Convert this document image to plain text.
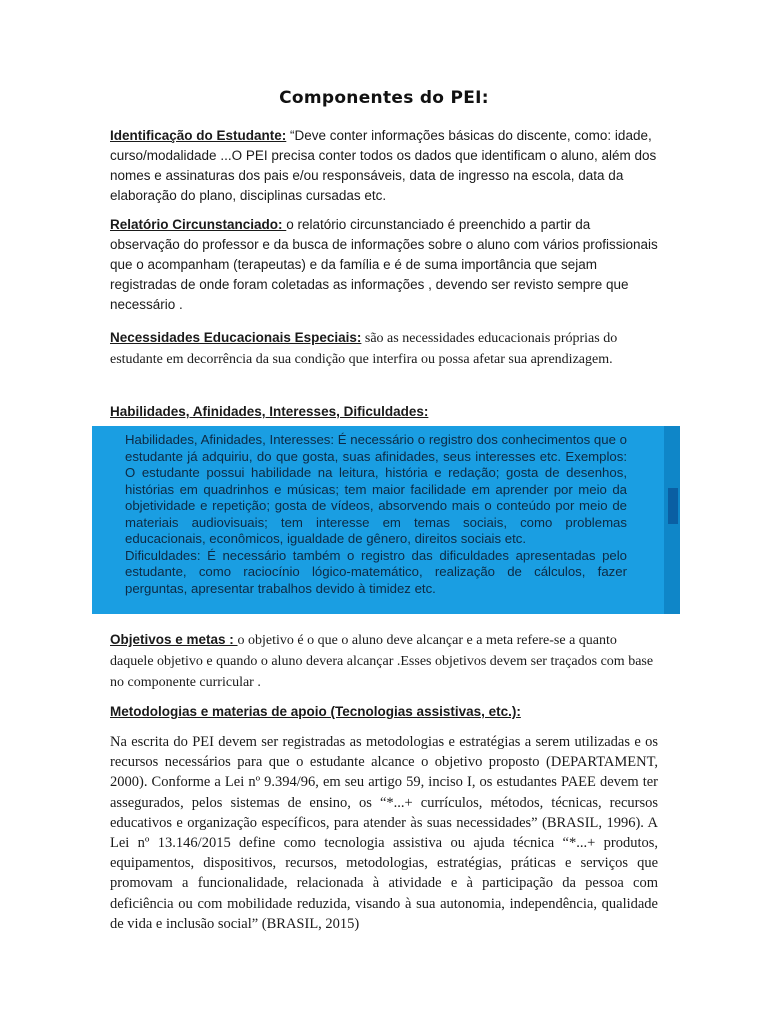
Componentes do PEI:
Identificação do Estudante: “Deve conter informações básicas do discente, como: idade, curso/modalidade ...O PEI precisa conter todos os dados que identificam o aluno, além dos nomes e assinaturas dos pais e/ou responsáveis, data de ingresso na escola, data da elaboração do plano, disciplinas cursadas etc.
Relatório Circunstanciado: o relatório circunstanciado é preenchido a partir da observação do professor e da busca de informações sobre o aluno com vários profissionais que o acompanham (terapeutas) e da família e é de suma importância que sejam registradas de onde foram coletadas as informações , devendo ser revisto sempre que necessário .
Necessidades Educacionais Especiais: são as necessidades educacionais próprias do estudante em decorrência da sua condição que interfira ou possa afetar sua aprendizagem.
Habilidades, Afinidades, Interesses, Dificuldades:

Habilidades, Afinidades, Interesses: É necessário o registro dos conhecimentos que o estudante já adquiriu, do que gosta, suas afinidades, seus interesses etc. Exemplos: O estudante possui habilidade na leitura, história e redação; gosta de desenhos, histórias em quadrinhos e músicas; tem maior facilidade em aprender por meio da objetividade e repetição; gosta de vídeos, absorvendo mais o conteúdo por meio de materiais audiovisuais; tem interesse em temas sociais, como problemas educacionais, econômicos, igualdade de gênero, direitos sociais etc.

Dificuldades: É necessário também o registro das dificuldades apresentadas pelo estudante, como raciocínio lógico-matemático, realização de cálculos, fazer perguntas, apresentar trabalhos devido à timidez etc.

Objetivos e metas : o objetivo é o que o aluno deve alcançar e a meta refere-se a quanto daquele objetivo e quando o aluno devera alcançar .Esses objetivos devem ser traçados com base no componente curricular .
Metodologias e materias de apoio (Tecnologias assistivas, etc.):
Na escrita do PEI devem ser registradas as metodologias e estratégias a serem utilizadas e os recursos necessários para que o estudante alcance o objetivo proposto (DEPARTAMENT, 2000). Conforme a Lei nº 9.394/96, em seu artigo 59, inciso I, os estudantes PAEE devem ter assegurados, pelos sistemas de ensino, os “*...+ currículos, métodos, técnicas, recursos educativos e organização específicos, para atender às suas necessidades” (BRASIL, 1996). A Lei nº 13.146/2015 define como tecnologia assistiva ou ajuda técnica “*...+ produtos, equipamentos, dispositivos, recursos, metodologias, estratégias, práticas e serviços que promovam a funcionalidade, relacionada à atividade e à participação da pessoa com deficiência ou com mobilidade reduzida, visando à sua autonomia, independência, qualidade de vida e inclusão social” (BRASIL, 2015)
